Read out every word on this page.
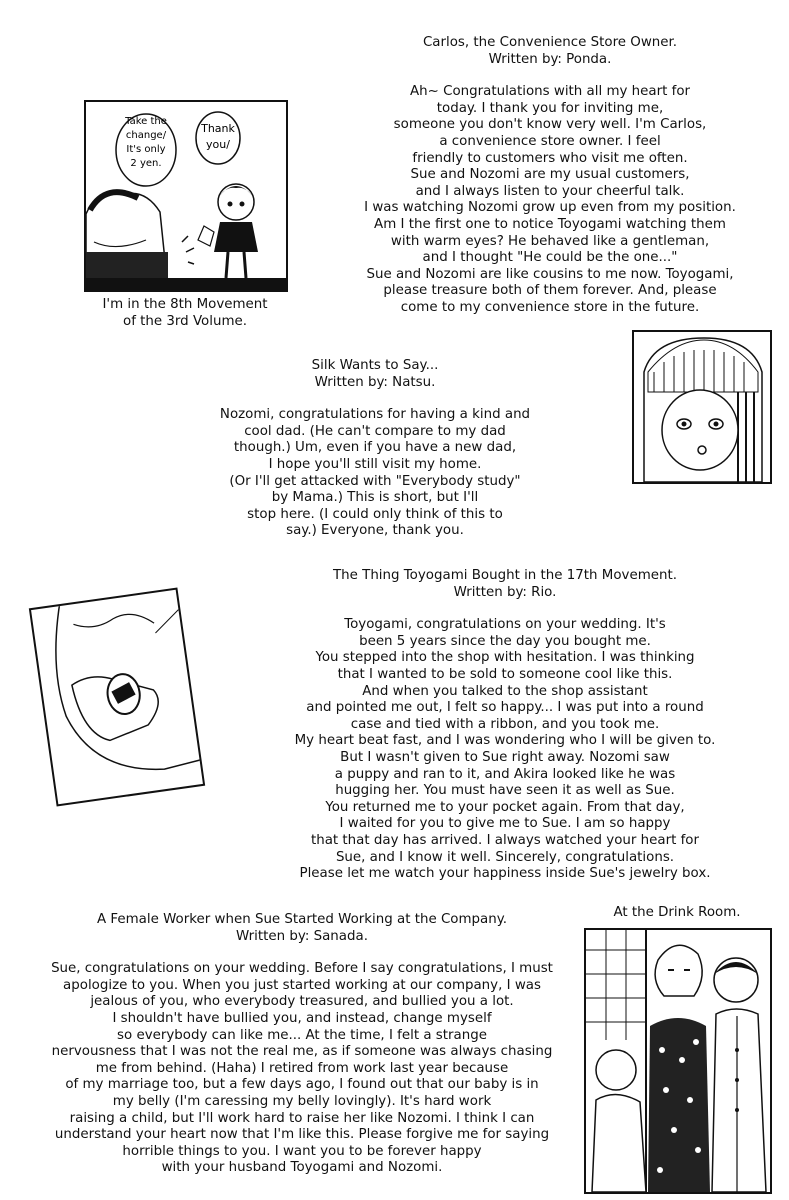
Carlos, the Convenience Store Owner.
Written by: Ponda.
Ah~ Congratulations with all my heart for
today. I thank you for inviting me,
someone you don't know very well. I'm Carlos,
a convenience store owner. I feel
friendly to customers who visit me often.
Sue and Nozomi are my usual customers,
and I always listen to your cheerful talk.
I was watching Nozomi grow up even from my position.
Am I the first one to notice Toyogami watching them
with warm eyes? He behaved like a gentleman,
and I thought "He could be the one..."
Sue and Nozomi are like cousins to me now. Toyogami,
please treasure both of them forever. And, please
come to my convenience store in the future.
Take the
change/
It's only
2 yen.
Thank
you/
I'm in the 8th Movement
of the 3rd Volume.
Silk Wants to Say...
Written by: Natsu.
Nozomi, congratulations for having a kind and
cool dad. (He can't compare to my dad
though.) Um, even if you have a new dad,
I hope you'll still visit my home.
(Or I'll get attacked with "Everybody study"
by Mama.) This is short, but I'll
stop here. (I could only think of this to
say.) Everyone, thank you.
The Thing Toyogami Bought in the 17th Movement.
Written by: Rio.
Toyogami, congratulations on your wedding. It's
been 5 years since the day you bought me.
You stepped into the shop with hesitation. I was thinking
that I wanted to be sold to someone cool like this.
And when you talked to the shop assistant
and pointed me out, I felt so happy... I was put into a round
case and tied with a ribbon, and you took me.
My heart beat fast, and I was wondering who I will be given to.
But I wasn't given to Sue right away. Nozomi saw
a puppy and ran to it, and Akira looked like he was
hugging her. You must have seen it as well as Sue.
You returned me to your pocket again. From that day,
I waited for you to give me to Sue. I am so happy
that that day has arrived. I always watched your heart for
Sue, and I know it well. Sincerely, congratulations.
Please let me watch your happiness inside Sue's jewelry box.
A Female Worker when Sue Started Working at the Company.
Written by: Sanada.
Sue, congratulations on your wedding. Before I say congratulations, I must
apologize to you. When you just started working at our company, I was
jealous of you, who everybody treasured, and bullied you a lot.
I shouldn't have bullied you, and instead, change myself
so everybody can like me... At the time, I felt a strange
nervousness that I was not the real me, as if someone was always chasing
me from behind. (Haha) I retired from work last year because
of my marriage too, but a few days ago, I found out that our baby is in
my belly (I'm caressing my belly lovingly). It's hard work
raising a child, but I'll work hard to raise her like Nozomi. I think I can
understand your heart now that I'm like this. Please forgive me for saying
horrible things to you. I want you to be forever happy
with your husband Toyogami and Nozomi.
At the Drink Room.
